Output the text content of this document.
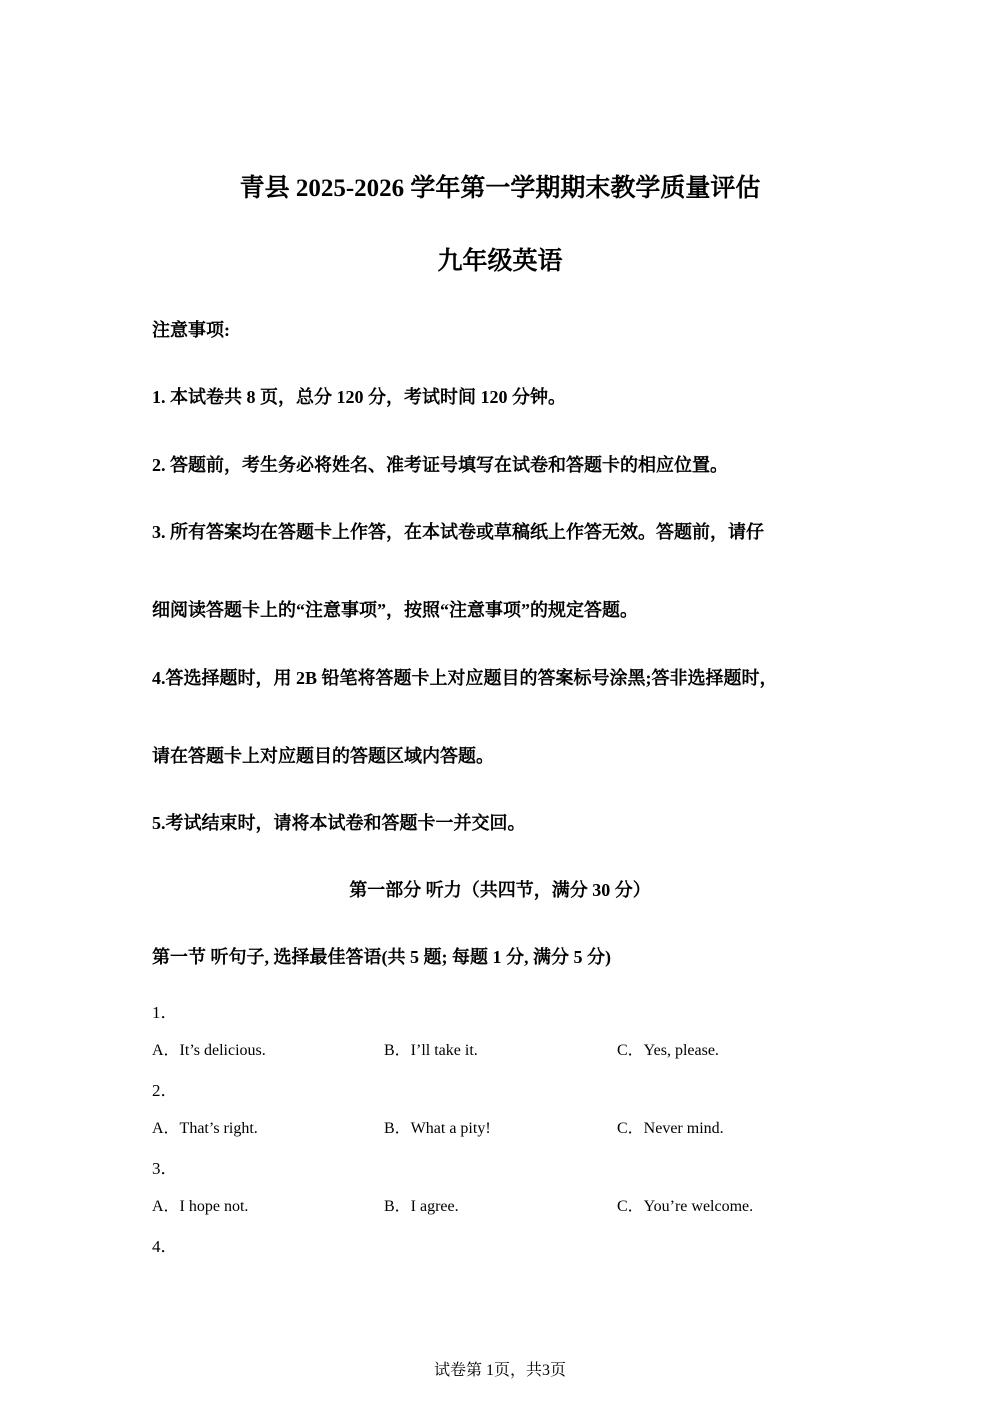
青县 2025-2026 学年第一学期期末教学质量评估
九年级英语
注意事项:
1. 本试卷共 8 页，总分 120 分，考试时间 120 分钟。
2. 答题前，考生务必将姓名、准考证号填写在试卷和答题卡的相应位置。
3. 所有答案均在答题卡上作答，在本试卷或草稿纸上作答无效。答题前，请仔
细阅读答题卡上的“注意事项”，按照“注意事项”的规定答题。
4.答选择题时，用 2B 铅笔将答题卡上对应题目的答案标号涂黑;答非选择题时，
请在答题卡上对应题目的答题区域内答题。
5.考试结束时，请将本试卷和答题卡一并交回。
第一部分 听力（共四节，满分 30 分）
第一节 听句子, 选择最佳答语(共 5 题; 每题 1 分, 满分 5 分)
1．
A．It’s delicious.	B．I’ll take it.	C．Yes, please.
2．
A．That’s right.	B．What a pity!	C．Never mind.
3．
A．I hope not.	B．I agree.	C．You’re welcome.
4．
试卷第 1页，共3页
